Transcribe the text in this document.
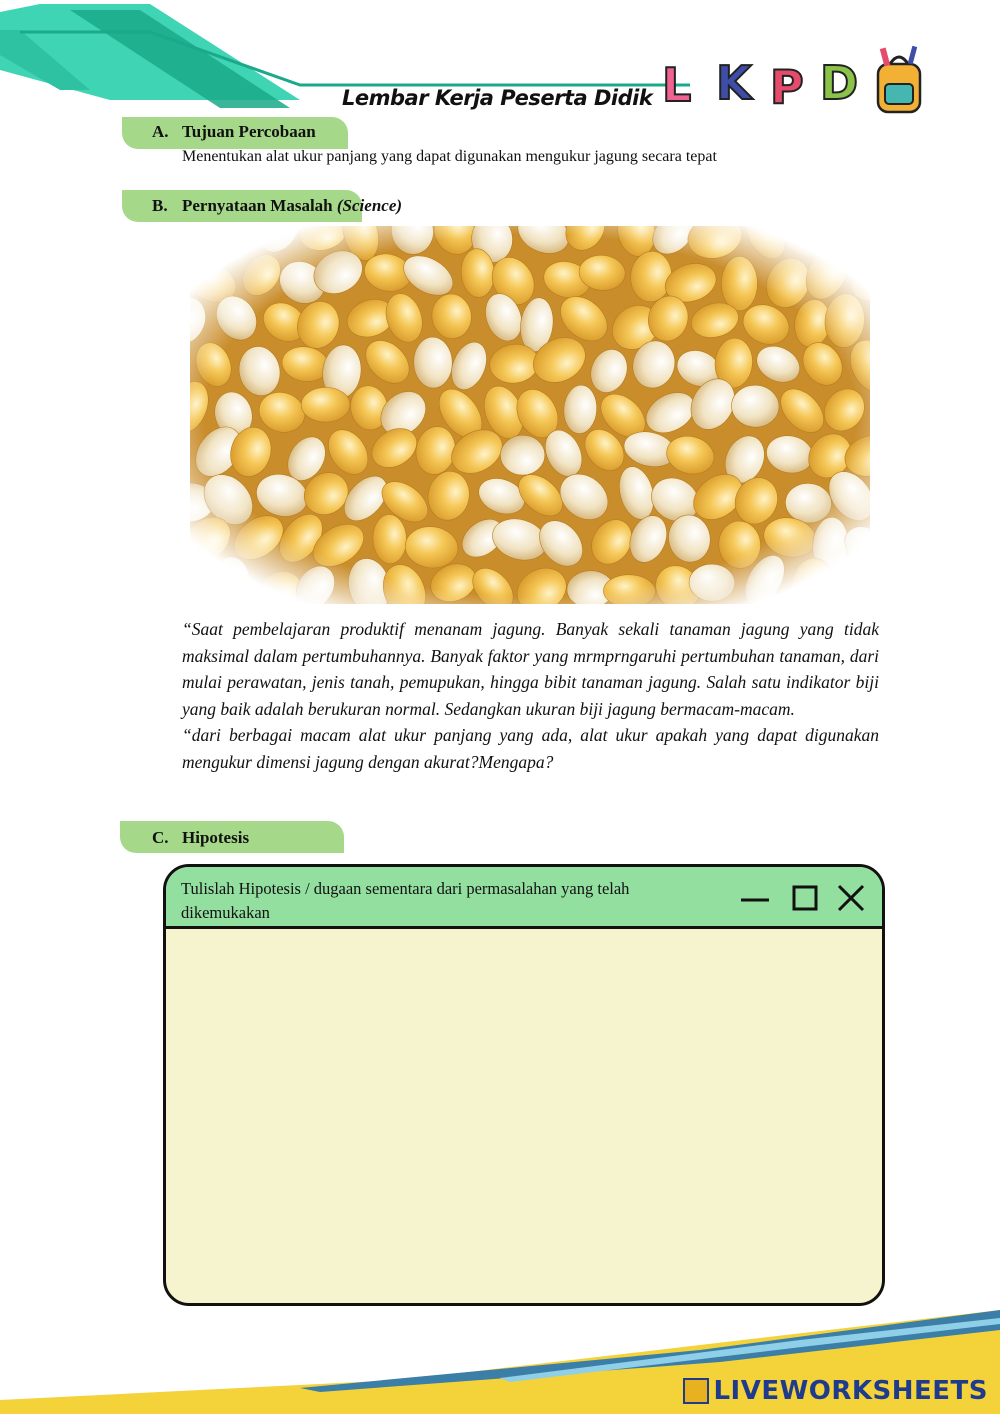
Lembar Kerja Peserta Didik L K P D
A. Tujuan Percobaan
Menentukan alat ukur panjang yang dapat digunakan mengukur jagung secara tepat
B. Pernyataan Masalah (Science)

“Saat pembelajaran produktif menanam jagung. Banyak sekali tanaman jagung yang tidak maksimal dalam pertumbuhannya. Banyak faktor yang mrmprngaruhi pertumbuhan tanaman, dari mulai perawatan, jenis tanah, pemupukan, hingga bibit tanaman jagung. Salah satu indikator biji yang baik adalah berukuran normal. Sedangkan ukuran biji jagung bermacam-macam.

“dari berbagai macam alat ukur panjang yang ada, alat ukur apakah yang dapat digunakan mengukur dimensi jagung dengan akurat?Mengapa?

C. Hipotesis
Tulislah Hipotesis / dugaan sementara dari permasalahan yang telah dikemukakan
LIVEWORKSHEETS
